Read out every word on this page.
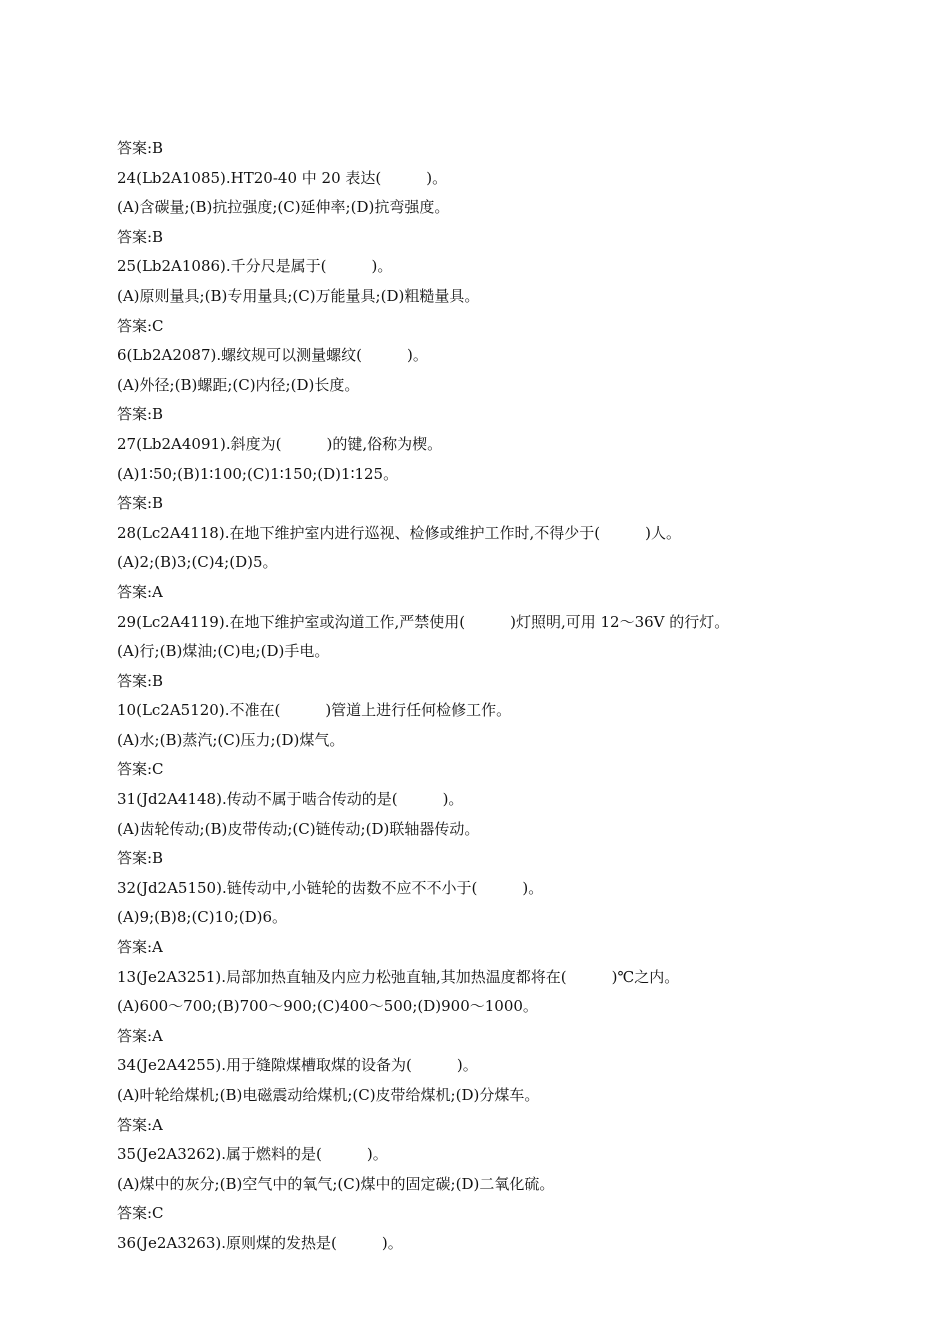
答案:B
24(Lb2A1085).HT20-40 中 20 表达(　　　)。
(A)含碳量;(B)抗拉强度;(C)延伸率;(D)抗弯强度。
答案:B
25(Lb2A1086).千分尺是属于(　　　)。
(A)原则量具;(B)专用量具;(C)万能量具;(D)粗糙量具。
答案:C
6(Lb2A2087).螺纹规可以测量螺纹(　　　)。
(A)外径;(B)螺距;(C)内径;(D)长度。
答案:B
27(Lb2A4091).斜度为(　　　)的键,俗称为楔。
(A)1∶50;(B)1∶100;(C)1∶150;(D)1∶125。
答案:B
28(Lc2A4118).在地下维护室内进行巡视、检修或维护工作时,不得少于(　　　)人。
(A)2;(B)3;(C)4;(D)5。
答案:A
29(Lc2A4119).在地下维护室或沟道工作,严禁使用(　　　)灯照明,可用 12～36V 的行灯。
(A)行;(B)煤油;(C)电;(D)手电。
答案:B
10(Lc2A5120).不准在(　　　)管道上进行任何检修工作。
(A)水;(B)蒸汽;(C)压力;(D)煤气。
答案:C
31(Jd2A4148).传动不属于啮合传动的是(　　　)。
(A)齿轮传动;(B)皮带传动;(C)链传动;(D)联轴器传动。
答案:B
32(Jd2A5150).链传动中,小链轮的齿数不应不不小于(　　　)。
(A)9;(B)8;(C)10;(D)6。
答案:A
13(Je2A3251).局部加热直轴及内应力松弛直轴,其加热温度都将在(　　　)℃之内。
(A)600～700;(B)700～900;(C)400～500;(D)900～1000。
答案:A
34(Je2A4255).用于缝隙煤槽取煤的设备为(　　　)。
(A)叶轮给煤机;(B)电磁震动给煤机;(C)皮带给煤机;(D)分煤车。
答案:A
35(Je2A3262).属于燃料的是(　　　)。
(A)煤中的灰分;(B)空气中的氧气;(C)煤中的固定碳;(D)二氧化硫。
答案:C
36(Je2A3263).原则煤的发热是(　　　)。
